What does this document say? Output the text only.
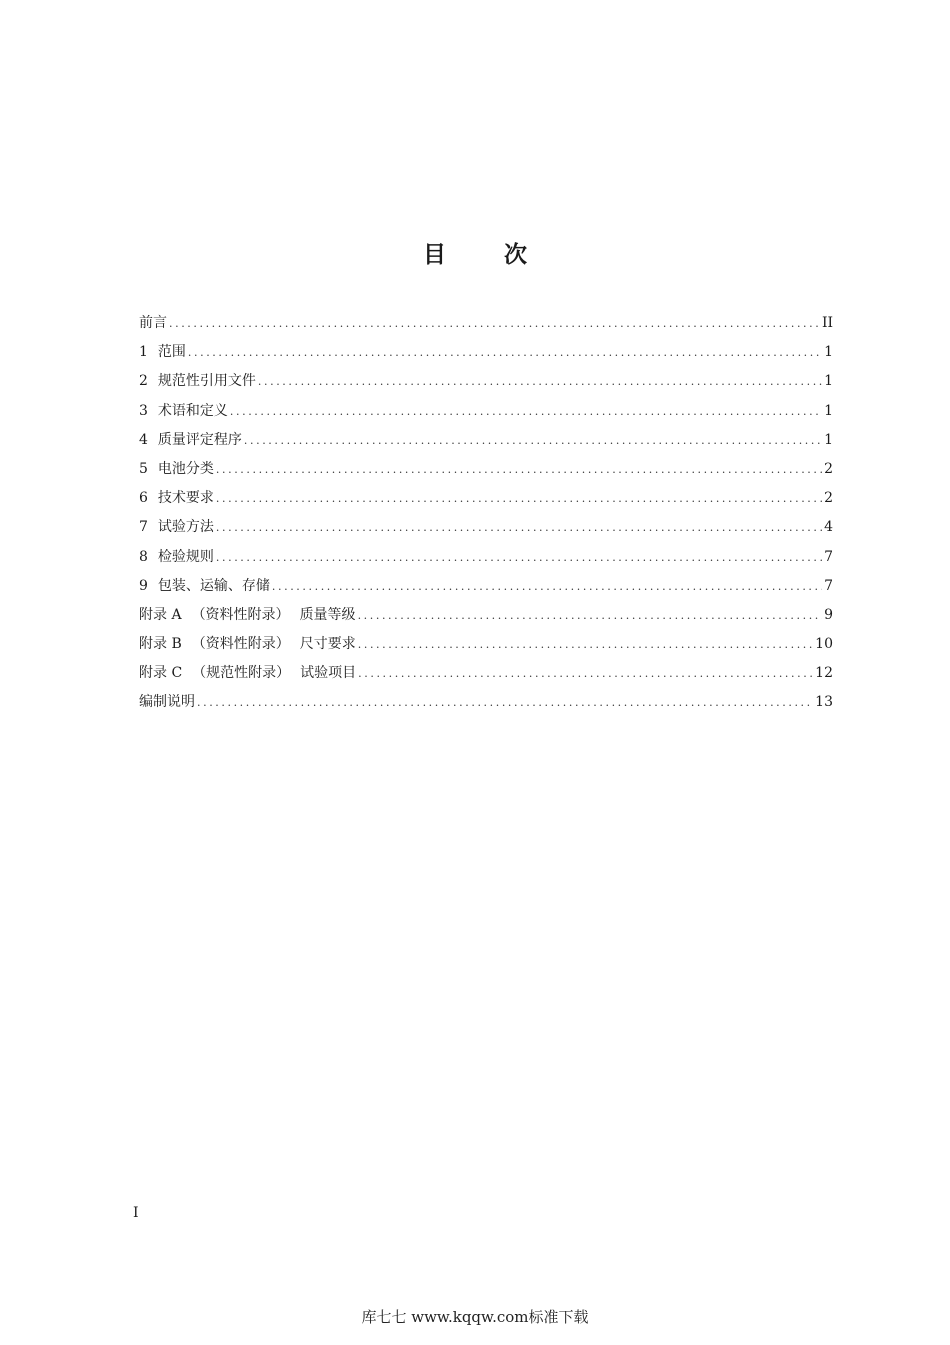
目	次
前言 .....	II
1 范围 .....	1
2 规范性引用文件 .....	1
3 术语和定义 .....	1
4 质量评定程序 .....	1
5 电池分类 .....	2
6 技术要求 .....	2
7 试验方法 .....	4
8 检验规则 .....	7
9 包装、运输、存储 .....	7
附录 A （资料性附录） 质量等级 .....	9
附录 B （资料性附录） 尺寸要求 .....	10
附录 C （规范性附录） 试验项目 .....	12
编制说明 .....	13
I
库七七 www.kqqw.com标准下载
